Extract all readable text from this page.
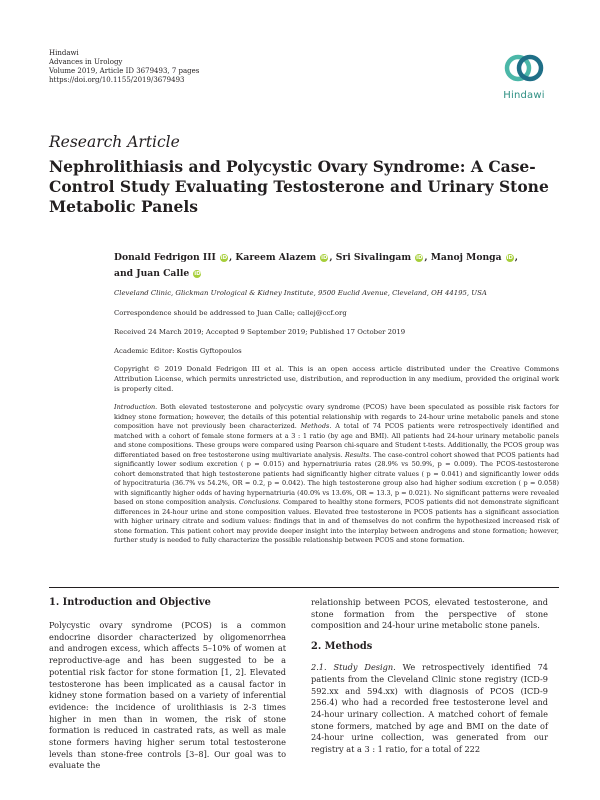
Hindawi
Advances in Urology
Volume 2019, Article ID 3679493, 7 pages
https://doi.org/10.1155/2019/3679493
Hindawi
Research Article
Nephrolithiasis and Polycystic Ovary Syndrome: A Case-Control Study Evaluating Testosterone and Urinary Stone Metabolic Panels
Donald Fedrigon III iD , Kareem Alazem iD , Sri Sivalingam iD , Manoj Monga iD ,
and Juan Calle iD
Cleveland Clinic, Glickman Urological & Kidney Institute, 9500 Euclid Avenue, Cleveland, OH 44195, USA
Correspondence should be addressed to Juan Calle; callej@ccf.org
Received 24 March 2019; Accepted 9 September 2019; Published 17 October 2019
Academic Editor: Kostis Gyftopoulos

Copyright © 2019 Donald Fedrigon III et al. This is an open access article distributed under the Creative Commons Attribution License, which permits unrestricted use, distribution, and reproduction in any medium, provided the original work is properly cited.

Introduction. Both elevated testosterone and polycystic ovary syndrome (PCOS) have been speculated as possible risk factors for kidney stone formation; however, the details of this potential relationship with regards to 24-hour urine metabolic panels and stone composition have not previously been characterized. Methods. A total of 74 PCOS patients were retrospectively identified and matched with a cohort of female stone formers at a 3 : 1 ratio (by age and BMI). All patients had 24-hour urinary metabolic panels and stone compositions. These groups were compared using Pearson chi-square and Student t-tests. Additionally, the PCOS group was differentiated based on free testosterone using multivariate analysis. Results. The case-control cohort showed that PCOS patients had significantly lower sodium excretion ( p = 0.015) and hypernatriuria rates (28.9% vs 50.9%, p = 0.009). The PCOS-testosterone cohort demonstrated that high testosterone patients had significantly higher citrate values ( p = 0.041) and significantly lower odds of hypocitraturia (36.7% vs 54.2%, OR = 0.2, p = 0.042). The high testosterone group also had higher sodium excretion ( p = 0.058) with significantly higher odds of having hypernatriuria (40.0% vs 13.6%, OR = 13.3, p = 0.021). No significant patterns were revealed based on stone composition analysis. Conclusions. Compared to healthy stone formers, PCOS patients did not demonstrate significant differences in 24-hour urine and stone composition values. Elevated free testosterone in PCOS patients has a significant association with higher urinary citrate and sodium values: findings that in and of themselves do not confirm the hypothesized increased risk of stone formation. This patient cohort may provide deeper insight into the interplay between androgens and stone formation; however, further study is needed to fully characterize the possible relationship between PCOS and stone formation.

1. Introduction and Objective

Polycystic ovary syndrome (PCOS) is a common endocrine disorder characterized by oligomenorrhea and androgen excess, which affects 5–10% of women at reproductive-age and has been suggested to be a potential risk factor for stone formation [1, 2]. Elevated testosterone has been implicated as a causal factor in kidney stone formation based on a variety of inferential evidence: the incidence of urolithiasis is 2-3 times higher in men than in women, the risk of stone formation is reduced in castrated rats, as well as male stone formers having higher serum total testosterone levels than stone-free controls [3–8]. Our goal was to evaluate the

relationship between PCOS, elevated testosterone, and stone formation from the perspective of stone composition and 24-hour urine metabolic stone panels.

2. Methods

2.1. Study Design. We retrospectively identified 74 patients from the Cleveland Clinic stone registry (ICD-9 592.xx and 594.xx) with diagnosis of PCOS (ICD-9 256.4) who had a recorded free testosterone level and 24-hour urinary collection. A matched cohort of female stone formers, matched by age and BMI on the date of 24-hour urine collection, was generated from our registry at a 3 : 1 ratio, for a total of 222
